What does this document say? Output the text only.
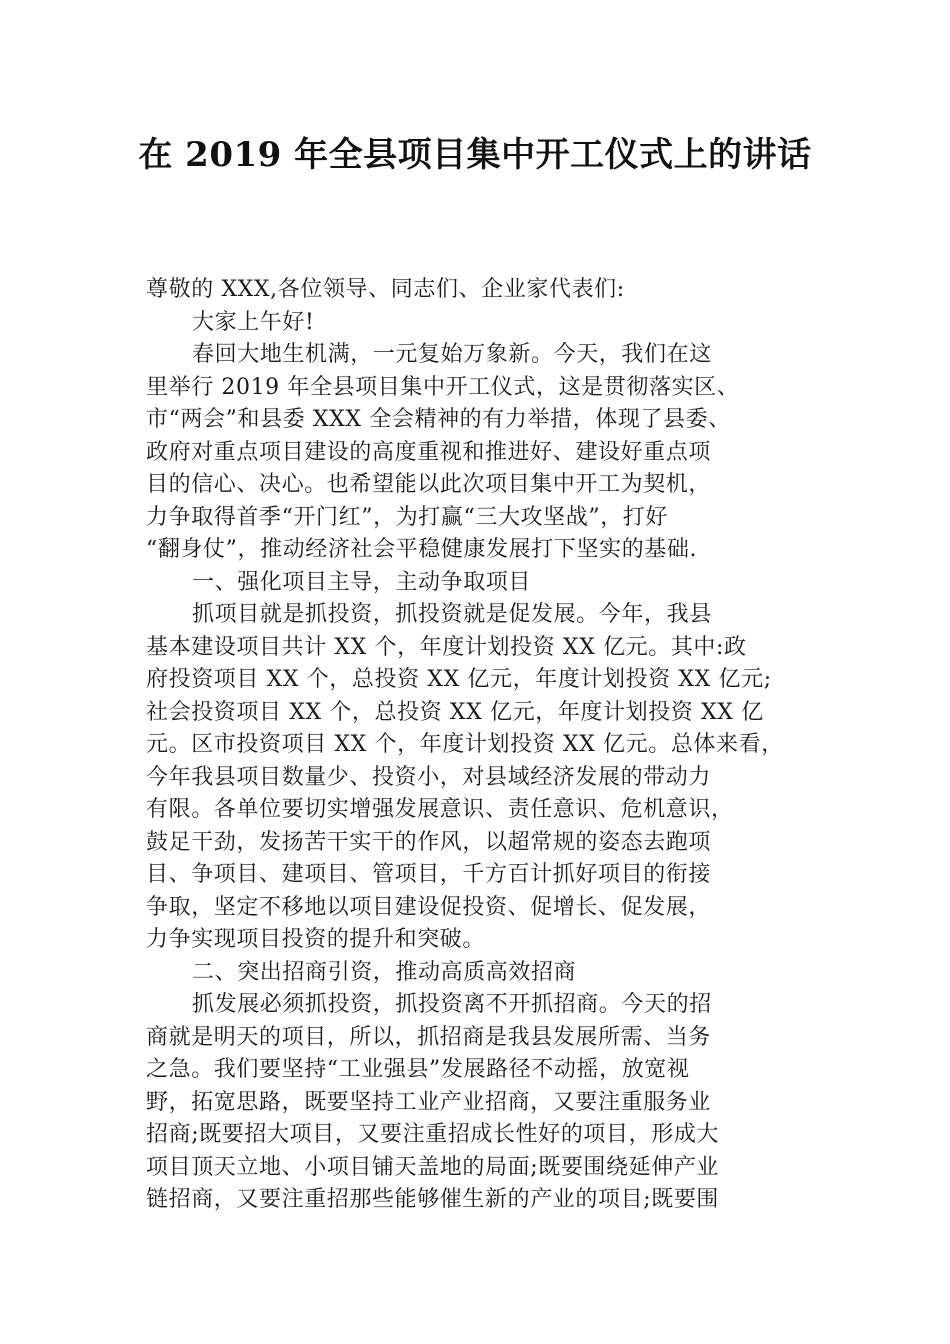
在 2019 年全县项目集中开工仪式上的讲话
尊敬的 XXX,各位领导、同志们、企业家代表们:
大家上午好!
春回大地生机满，一元复始万象新。今天，我们在这
里举行 2019 年全县项目集中开工仪式，这是贯彻落实区、
市“两会”和县委 XXX 全会精神的有力举措，体现了县委、
政府对重点项目建设的高度重视和推进好、建设好重点项
目的信心、决心。也希望能以此次项目集中开工为契机，
力争取得首季“开门红”，为打赢“三大攻坚战”，打好
“翻身仗”，推动经济社会平稳健康发展打下坚实的基础.
一、强化项目主导，主动争取项目
抓项目就是抓投资，抓投资就是促发展。今年，我县
基本建设项目共计 XX 个，年度计划投资 XX 亿元。其中:政
府投资项目 XX 个，总投资 XX 亿元，年度计划投资 XX 亿元;
社会投资项目 XX 个，总投资 XX 亿元，年度计划投资 XX 亿
元。区市投资项目 XX 个，年度计划投资 XX 亿元。总体来看，
今年我县项目数量少、投资小，对县域经济发展的带动力
有限。各单位要切实增强发展意识、责任意识、危机意识，
鼓足干劲，发扬苦干实干的作风，以超常规的姿态去跑项
目、争项目、建项目、管项目，千方百计抓好项目的衔接
争取，坚定不移地以项目建设促投资、促增长、促发展，
力争实现项目投资的提升和突破。
二、突出招商引资，推动高质高效招商
抓发展必须抓投资，抓投资离不开抓招商。今天的招
商就是明天的项目，所以，抓招商是我县发展所需、当务
之急。我们要坚持“工业强县”发展路径不动摇，放宽视
野，拓宽思路，既要坚持工业产业招商，又要注重服务业
招商;既要招大项目，又要注重招成长性好的项目，形成大
项目顶天立地、小项目铺天盖地的局面;既要围绕延伸产业
链招商，又要注重招那些能够催生新的产业的项目;既要围
